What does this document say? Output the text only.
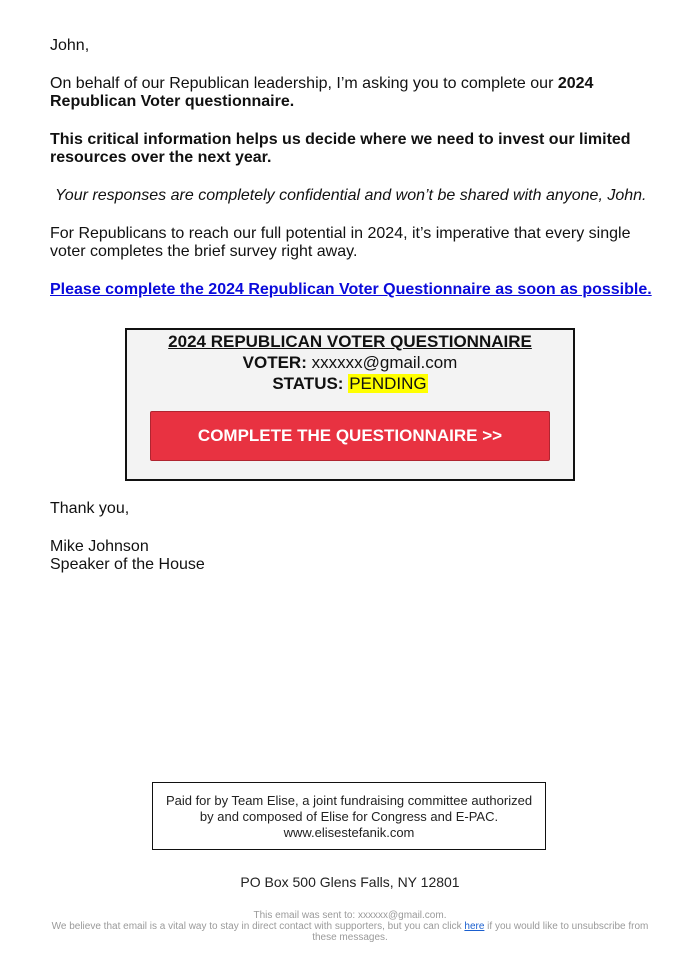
John,

On behalf of our Republican leadership, I’m asking you to complete our 2024 Republican Voter questionnaire.

This critical information helps us decide where we need to invest our limited resources over the next year.

Your responses are completely confidential and won’t be shared with anyone, John.

For Republicans to reach our full potential in 2024, it’s imperative that every single voter completes the brief survey right away.

Please complete the 2024 Republican Voter Questionnaire as soon as possible.

2024 REPUBLICAN VOTER QUESTIONNAIRE
VOTER: xxxxxx@gmail.com
STATUS: PENDING
COMPLETE THE QUESTIONNAIRE >>

Thank you,

Mike Johnson

Speaker of the House

Paid for by Team Elise, a joint fundraising committee authorized by and composed of Elise for Congress and E-PAC. www.elisestefanik.com
PO Box 500 Glens Falls, NY 12801
This email was sent to: xxxxxx@gmail.com.
We believe that email is a vital way to stay in direct contact with supporters, but you can click here if you would like to unsubscribe from these messages.
